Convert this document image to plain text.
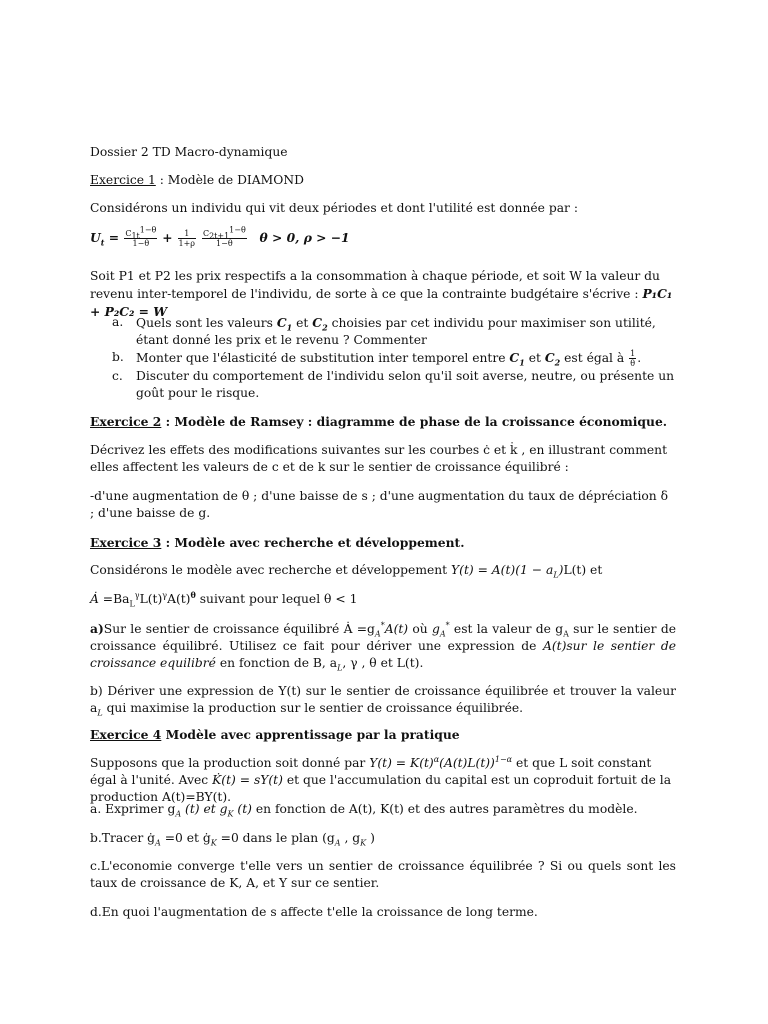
Dossier 2 TD Macro-dynamique

Exercice 1 : Modèle de DIAMOND

Considérons un individu qui vit deux périodes et dont l'utilité est donnée par :

$U_t = \frac{C_{1t}^{1-\theta}}{1-\theta} + \frac{1}{1+\rho}$
$\frac{C_{2t+1}^{1-\theta}}{1-\theta}$ θ > 0, ρ > −1

Soit P1 et P2 les prix respectifs a la consommation à chaque période, et soit W la valeur du revenu inter-temporel de l'individu, de sorte à ce que la contrainte budgétaire s'écrive : P₁C₁ + P₂C₂ = W

a. Quels sont les valeurs $C_1$ et $C_2$ choisies par cet individu pour maximiser son utilité, étant donné les prix et le revenu ? Commenter
b. Monter que l'élasticité de substitution inter temporel entre $C_1$ et $C_2$ est égal à $\frac{1}{\theta}$ .
c. Discuter du comportement de l'individu selon qu'il soit averse, neutre, ou présente un goût pour le risque.

Exercice 2 : Modèle de Ramsey : diagramme de phase de la croissance économique.

Décrivez les effets des modifications suivantes sur les courbes ċ et k̇ , en illustrant comment elles affectent les valeurs de c et de k sur le sentier de croissance équilibré :

-d'une augmentation de θ ; d'une baisse de s ; d'une augmentation du taux de dépréciation δ ; d'une baisse de g.

Exercice 3 : Modèle avec recherche et développement.

Considérons le modèle avec recherche et développement $Y(t) = A(t)(1 - a_L)L(t)$ et

Ȧ $=Ba_L^\gamma L(t)^\gamma A(t)^\theta$ suivant pour lequel θ < 1

a)Sur le sentier de croissance équilibré Ȧ $=g_A^*A(t)$ où $g_A^*$ est la valeur de $g_A$ sur le sentier de croissance équilibré. Utilisez ce fait pour dériver une expression de A(t)sur le sentier de croissance equilibré en fonction de B, $a_L$, γ , θ et L(t).

b) Dériver une expression de Y(t) sur le sentier de croissance équilibrée et trouver la valeur $a_L$ qui maximise la production sur le sentier de croissance équilibrée.

Exercice 4 Modèle avec apprentissage par la pratique

Supposons que la production soit donné par $Y(t) = K(t)^\alpha(A(t)L(t))^{1-\alpha}$ et que L soit constant égal à l'unité. Avec K̇(t) = sY(t) et que l'accumulation du capital est un coproduit fortuit de la production A(t)=BY(t).

a. Exprimer $g_A$ (t) et $g_K$ (t) en fonction de A(t), K(t) et des autres paramètres du modèle.

b.Tracer $ġ_A =0$ et $ġ_K =0$ dans le plan ($g_A$ , $g_K$ )

c.L'economie converge t'elle vers un sentier de croissance équilibrée ? Si ou quels sont les taux de croissance de K, A, et Y sur ce sentier.

d.En quoi l'augmentation de s affecte t'elle la croissance de long terme.
